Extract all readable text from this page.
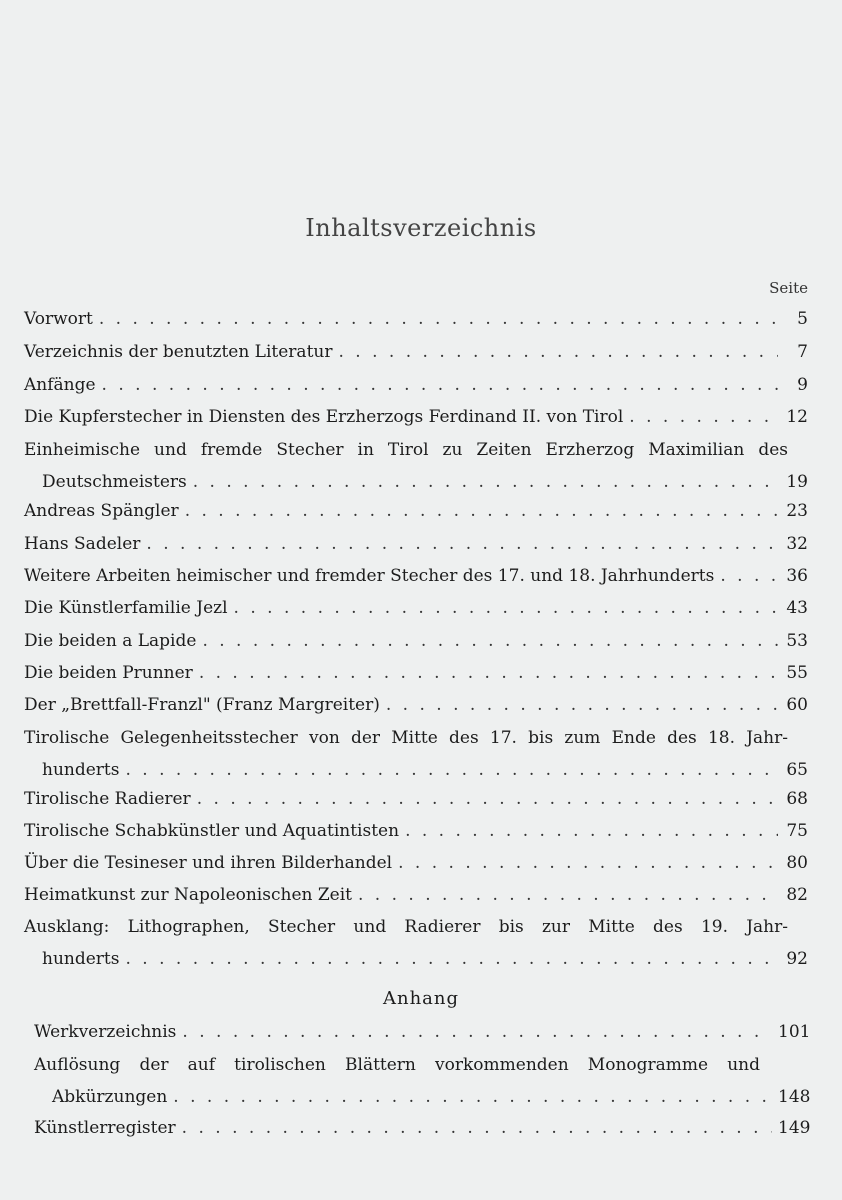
Inhaltsverzeichnis
Seite
Vorwort . . .	5
Verzeichnis der benutzten Literatur . . .	7
Anfänge . . .	9
Die Kupferstecher in Diensten des Erzherzogs Ferdinand II. von Tirol . . .	12
Einheimische und fremde Stecher in Tirol zu Zeiten Erzherzog Maximilian des
Deutschmeisters . . .	19
Andreas Spängler . . .	23
Hans Sadeler . . .	32
Weitere Arbeiten heimischer und fremder Stecher des 17. und 18. Jahrhunderts . . .	36
Die Künstlerfamilie Jezl . . .	43
Die beiden a Lapide . . .	53
Die beiden Prunner . . .	55
Der „Brettfall-Franzl" (Franz Margreiter) . . .	60
Tirolische Gelegenheitsstecher von der Mitte des 17. bis zum Ende des 18. Jahr-
hunderts . . .	65
Tirolische Radierer . . .	68
Tirolische Schabkünstler und Aquatintisten . . .	75
Über die Tesineser und ihren Bilderhandel . . .	80
Heimatkunst zur Napoleonischen Zeit . . .	82
Ausklang: Lithographen, Stecher und Radierer bis zur Mitte des 19. Jahr-
hunderts . . .	92
Anhang
Werkverzeichnis . . .	101
Auflösung der auf tirolischen Blättern vorkommenden Monogramme und
Abkürzungen . . .	148
Künstlerregister . . .	149
